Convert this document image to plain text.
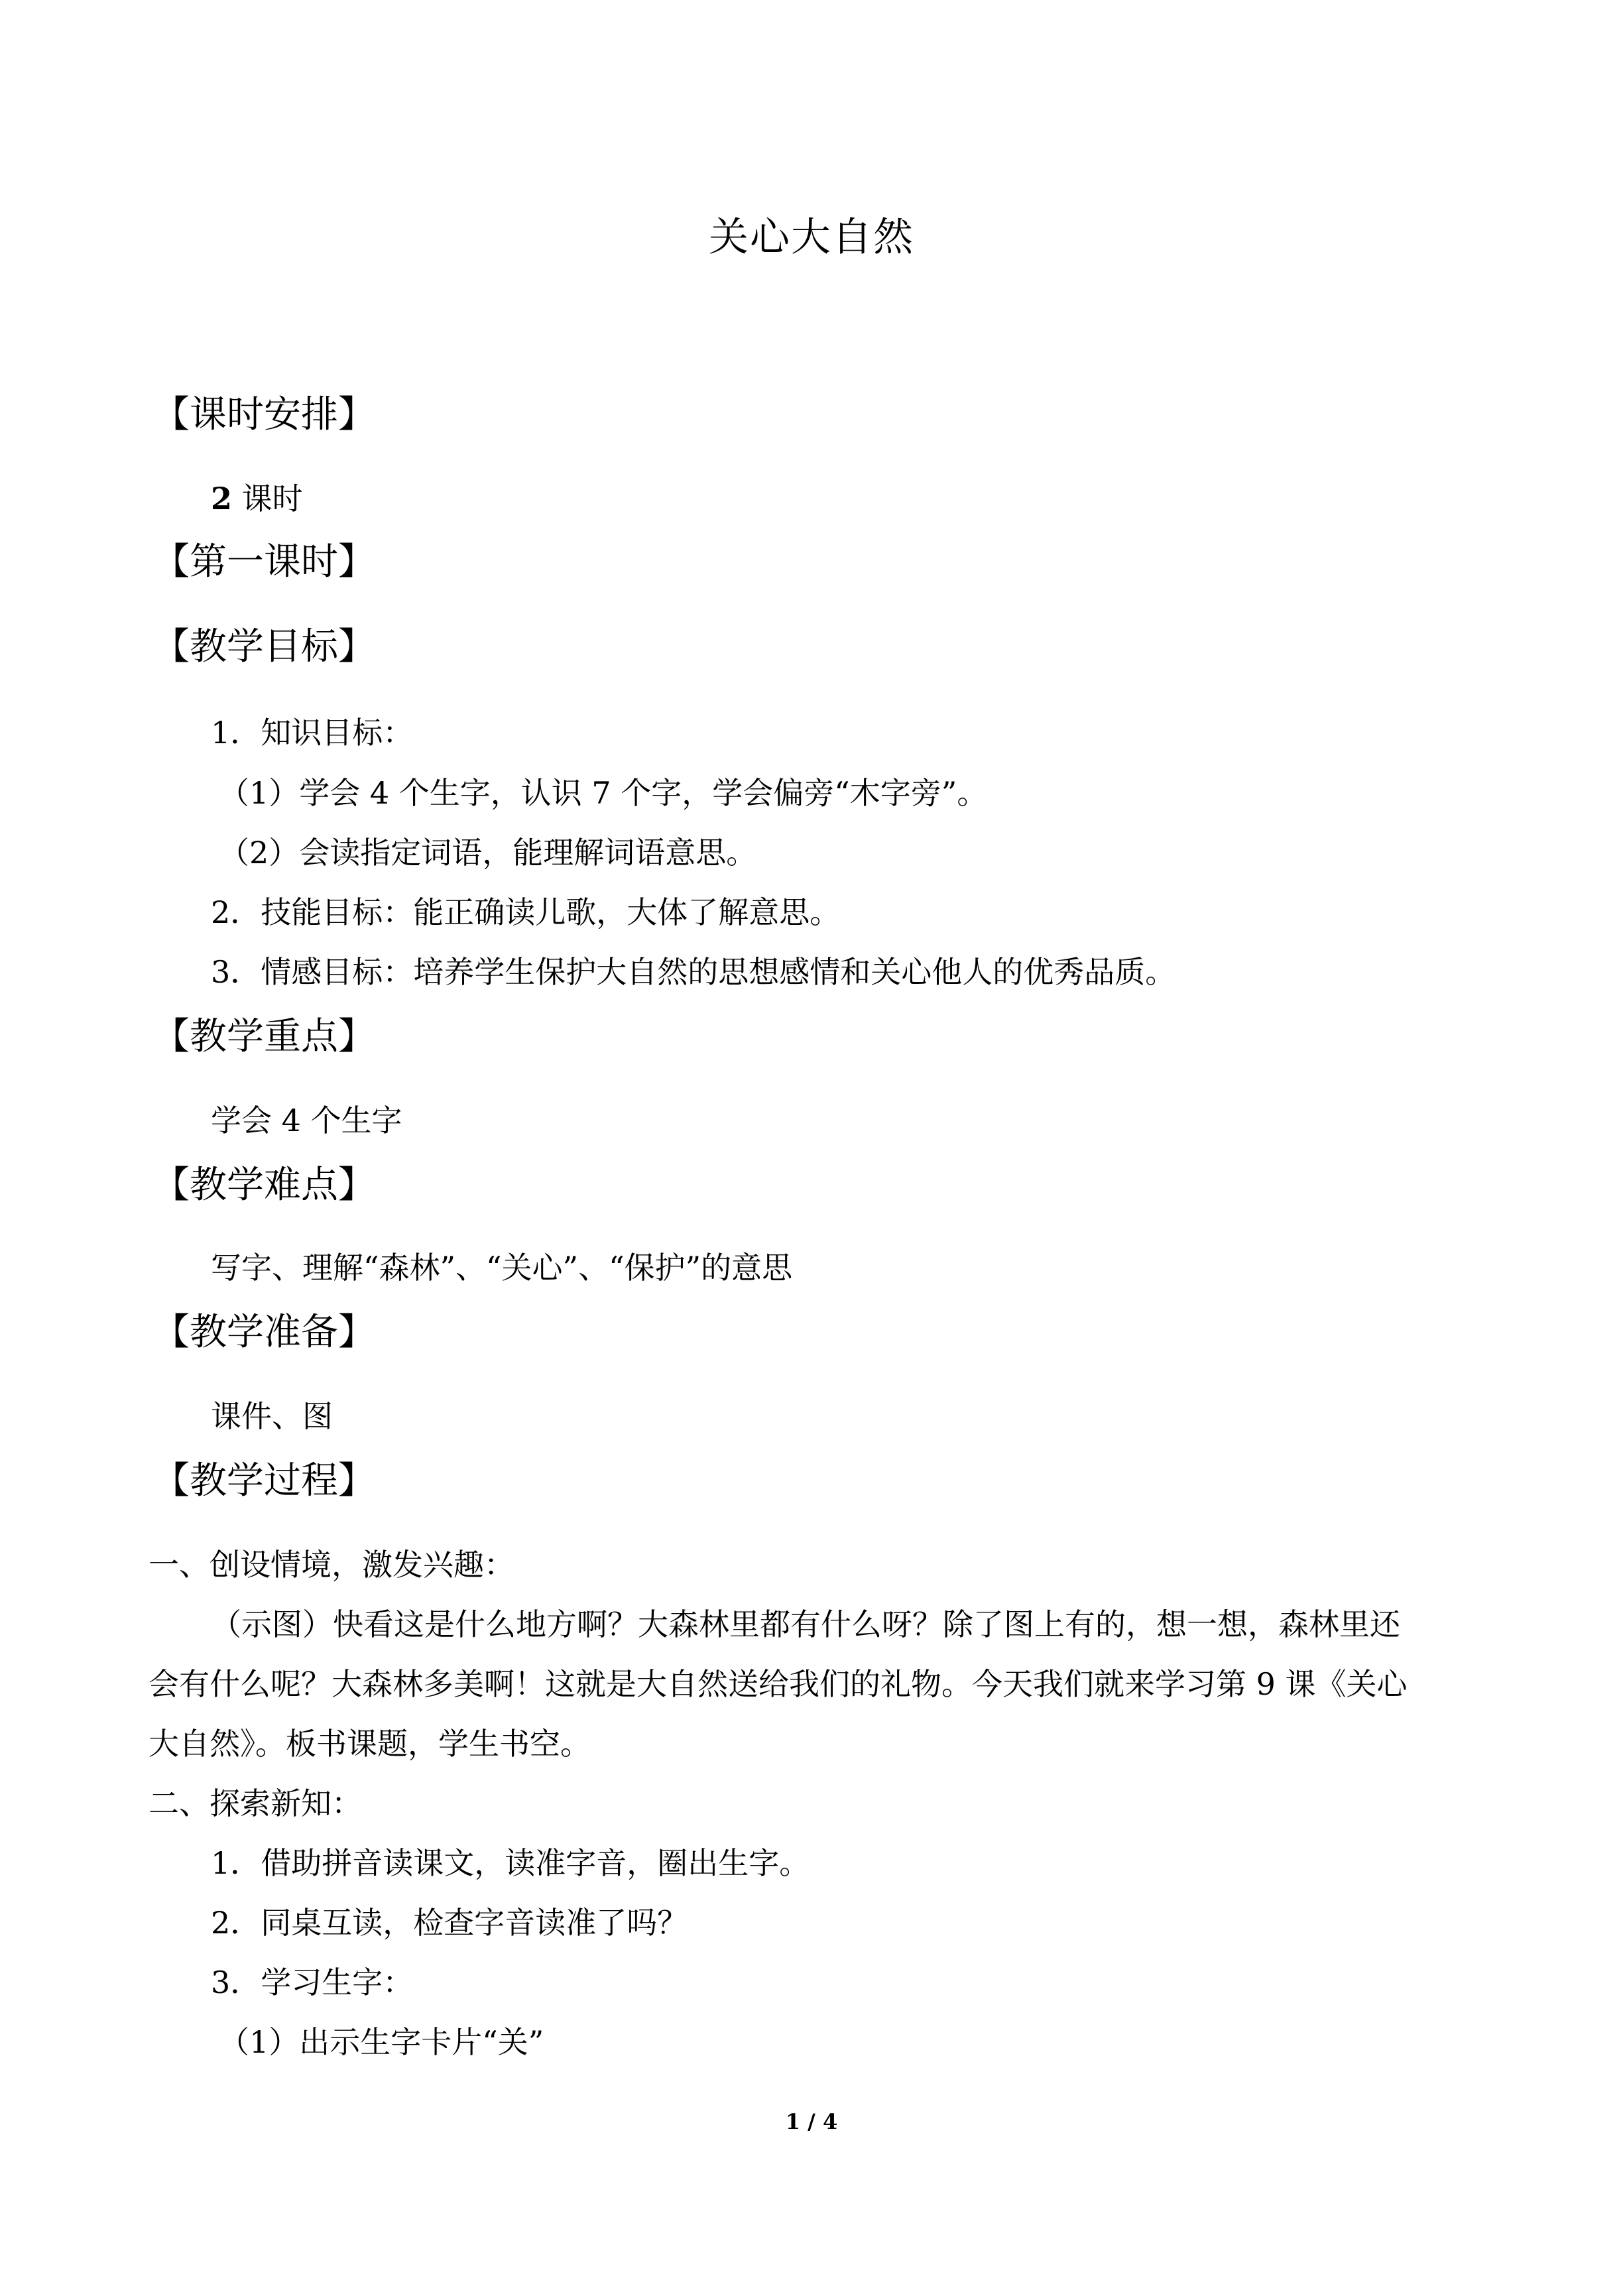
关心大自然
【课时安排】
2 课时
【第一课时】
【教学目标】
1．知识目标：
（1）学会 4 个生字，认识 7 个字，学会偏旁“木字旁”。
（2）会读指定词语，能理解词语意思。
2．技能目标：能正确读儿歌，大体了解意思。
3．情感目标：培养学生保护大自然的思想感情和关心他人的优秀品质。
【教学重点】
学会 4 个生字
【教学难点】
写字、理解“森林”、“关心”、“保护”的意思
【教学准备】
课件、图
【教学过程】
一、创设情境，激发兴趣：
（示图）快看这是什么地方啊？大森林里都有什么呀？除了图上有的，想一想，森林里还
会有什么呢？大森林多美啊！这就是大自然送给我们的礼物。今天我们就来学习第 9 课《关心
大自然》。板书课题，学生书空。
二、探索新知：
1．借助拼音读课文，读准字音，圈出生字。
2．同桌互读，检查字音读准了吗？
3．学习生字：
（1）出示生字卡片“关”
1 / 4
